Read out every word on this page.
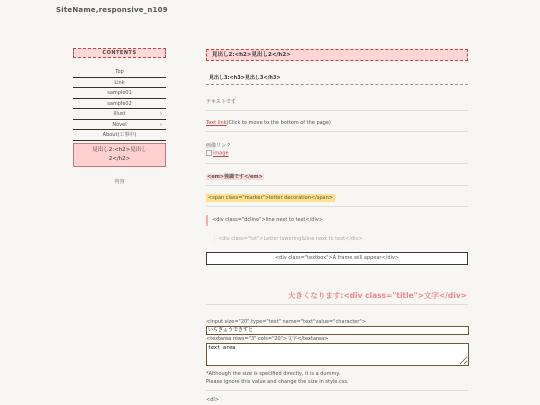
SiteName,responsive_n109
CONTENTS
Top
Link
sample01
sample02
Illust	›
Novel	›
About(工事中)
見出し2:<h2>見出し
2</h2>
内容
見出し2:<h2>見出し2</h2>
見出し3:<h3>見出し3</h3>
テキストです
Text link(Click to move to the bottom of the page)
画像リンク
image
<em>強調です</em>
<span class="marker">letter decoration</span>
<div class="dcline">line next to text</div>
<div class="txt">Letter lowering&line next to text</div>
<div class="textbox">A frame will appear</div>
大きくなります:<div class="title">文字</div>
<input size="20" type="text" name="text"value="character">
いちぎょうできすと
<textarea rows="3" cols="20">文字</textarea>
text area
*Although the size is specified directly, it is a dummy.
Please ignore this value and change the size in style.css.
<dl>
